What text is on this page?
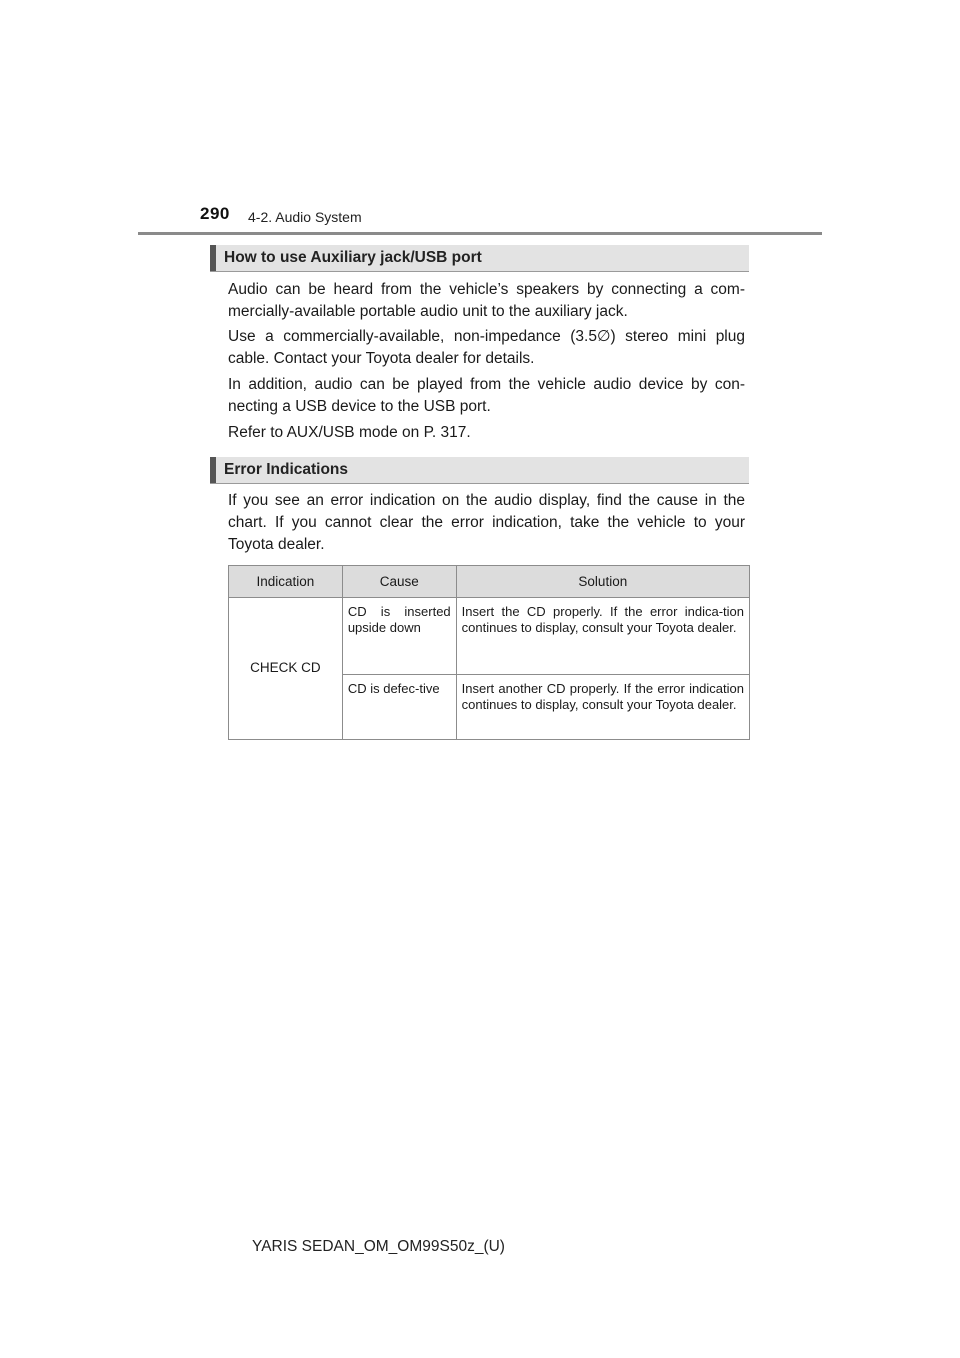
290 4-2. Audio System
How to use Auxiliary jack/USB port
Audio can be heard from the vehicle’s speakers by connecting a com-mercially-available portable audio unit to the auxiliary jack.
Use a commercially-available, non-impedance (3.5∅) stereo mini plug cable. Contact your Toyota dealer for details.
In addition, audio can be played from the vehicle audio device by con-necting a USB device to the USB port.
Refer to AUX/USB mode on P. 317.
Error Indications
If you see an error indication on the audio display, find the cause in the chart. If you cannot clear the error indication, take the vehicle to your Toyota dealer.
Indication	Cause	Solution
CHECK CD	CD is inserted upside down	Insert the CD properly. If the error indica-tion continues to display, consult your Toyota dealer.
	CD is defec-tive	Insert another CD properly. If the error indication continues to display, consult your Toyota dealer.
YARIS SEDAN_OM_OM99S50z_(U)
